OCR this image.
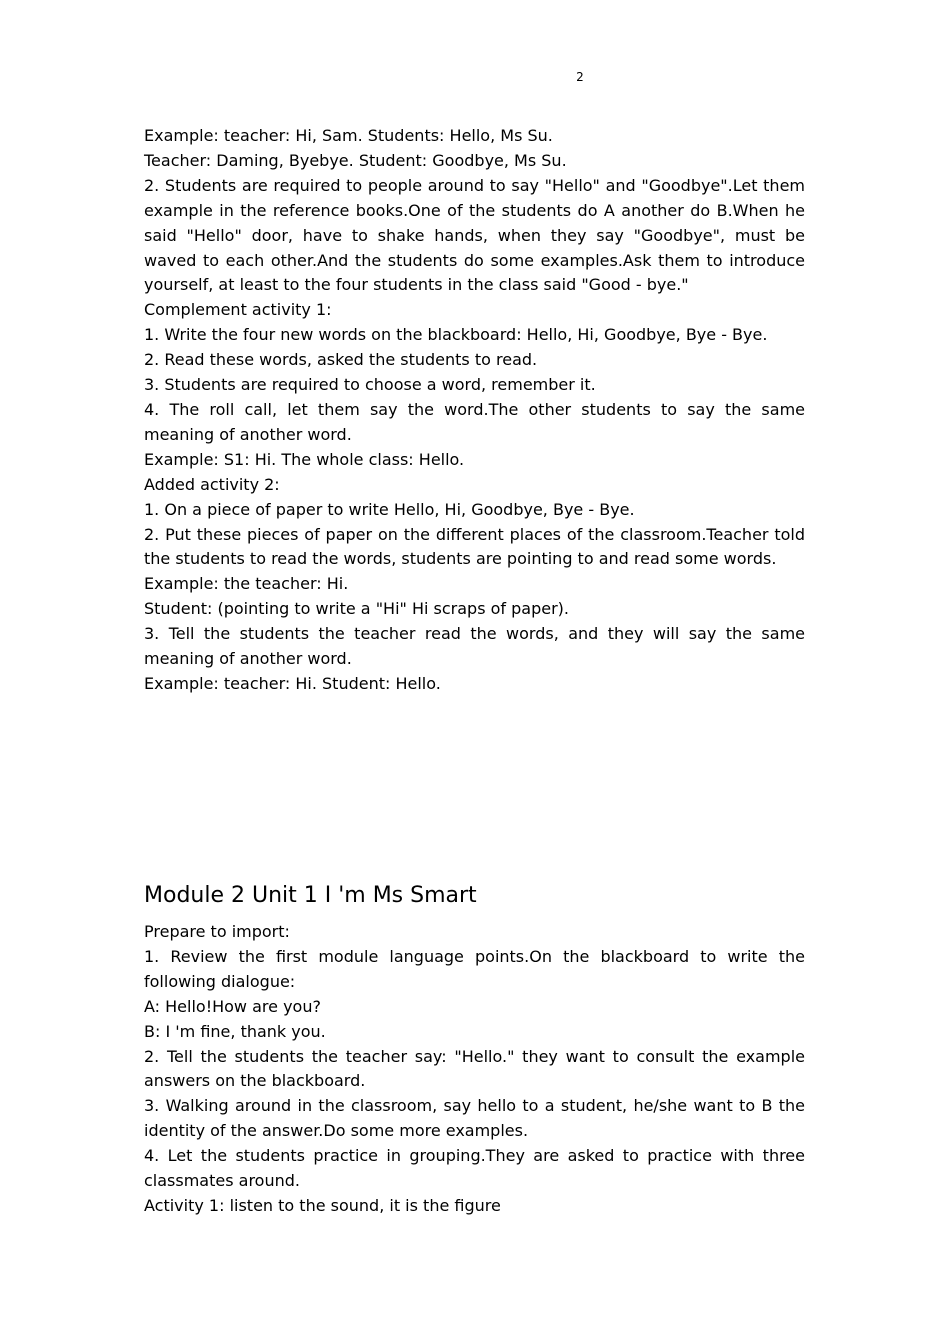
2

Example: teacher: Hi, Sam. Students: Hello, Ms Su.

Teacher: Daming, Byebye. Student: Goodbye, Ms Su.

2. Students are required to people around to say "Hello" and "Goodbye".Let them example in the reference books.One of the students do A another do B.When he said "Hello" door, have to shake hands, when they say "Goodbye", must be waved to each other.And the students do some examples.Ask them to introduce yourself, at least to the four students in the class said "Good - bye."

Complement activity 1:

1. Write the four new words on the blackboard: Hello, Hi, Goodbye, Bye - Bye.

2. Read these words, asked the students to read.

3. Students are required to choose a word, remember it.

4. The roll call, let them say the word.The other students to say the same meaning of another word.

Example: S1: Hi. The whole class: Hello.

Added activity 2:

1. On a piece of paper to write Hello, Hi, Goodbye, Bye - Bye.

2. Put these pieces of paper on the different places of the classroom.Teacher told the students to read the words, students are pointing to and read some words.

Example: the teacher: Hi.

Student: (pointing to write a "Hi" Hi scraps of paper).

3. Tell the students the teacher read the words, and they will say the same meaning of another word.

Example: teacher: Hi. Student: Hello.

Module 2 Unit 1 I 'm Ms Smart

Prepare to import:

1. Review the first module language points.On the blackboard to write the following dialogue:

A: Hello!How are you?

B: I 'm fine, thank you.

2. Tell the students the teacher say: "Hello." they want to consult the example answers on the blackboard.

3. Walking around in the classroom, say hello to a student, he/she want to B the identity of the answer.Do some more examples.

4. Let the students practice in grouping.They are asked to practice with three classmates around.

Activity 1: listen to the sound, it is the figure
